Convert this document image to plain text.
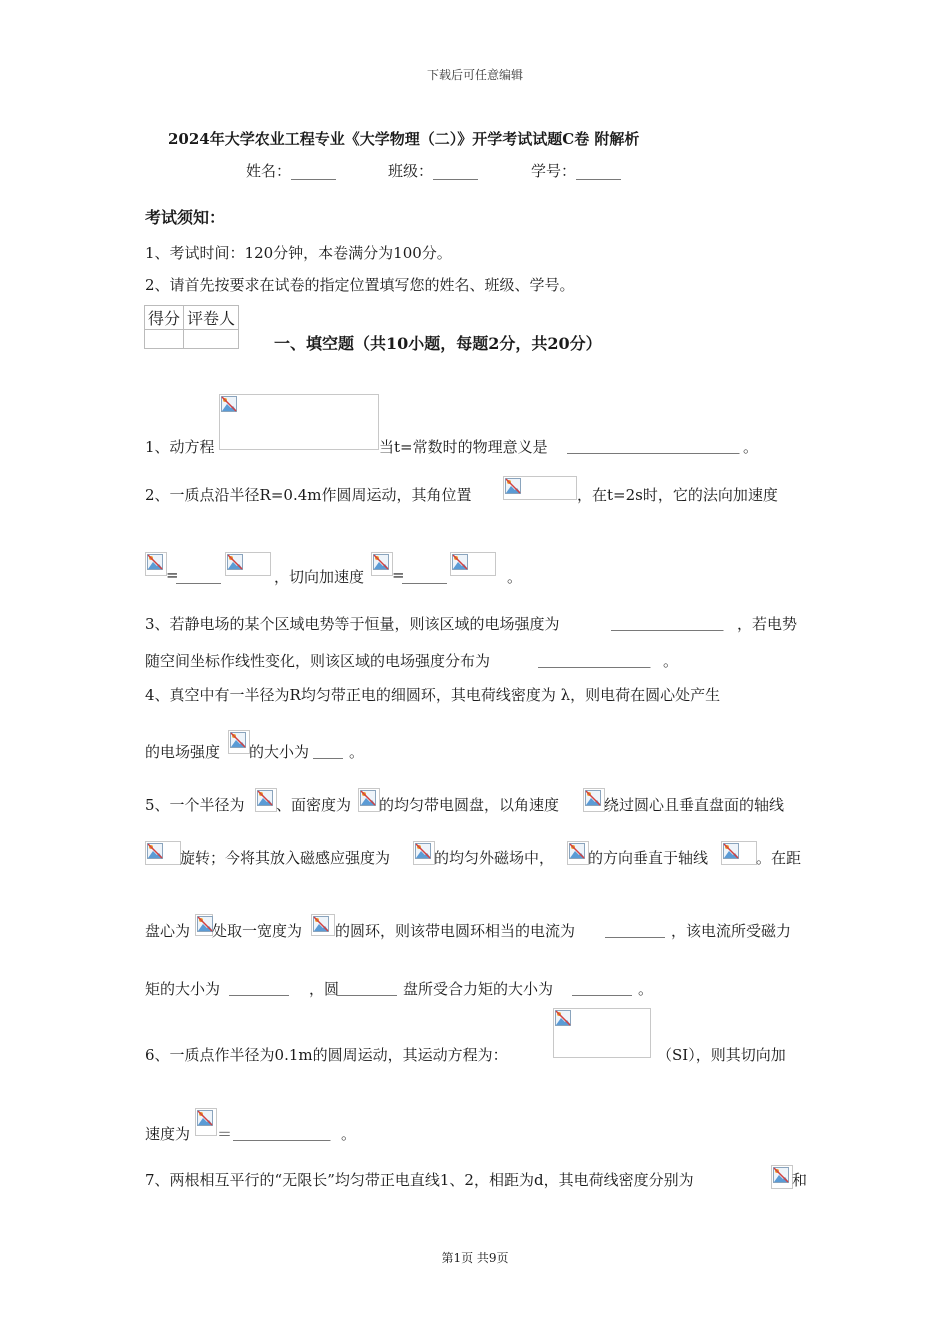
下载后可任意编辑
2024年大学农业工程专业《大学物理（二）》开学考试试题C卷 附解析
姓名：______	班级：______	学号：______
考试须知：
1、考试时间：120分钟，本卷满分为100分。
2、请首先按要求在试卷的指定位置填写您的姓名、班级、学号。
得分	评卷人

一、填空题（共10小题，每题2分，共20分）
1、动方程	当t=常数时的物理意义是 _______________________ 。
2、一质点沿半径R=0.4m作圆周运动，其角位置	，在t=2s时，它的法向加速度
=
______	，切向加速度 =
______	。
3、若静电场的某个区域电势等于恒量，则该区域的电场强度为	_______________ ，若电势
随空间坐标作线性变化，则该区域的电场强度分布为	_______________ 。
4、真空中有一半径为R均匀带正电的细圆环，其电荷线密度为 λ，则电荷在圆心处产生
的电场强度 的大小为 ____ 。
5、一个半径为 、面密度为 的均匀带电圆盘，以角速度	绕过圆心且垂直盘面的轴线
旋转；今将其放入磁感应强度为	的均匀外磁场中， 的方向垂直于轴线	。在距
盘心为 处取一宽度为 的圆环，则该带电圆环相当的电流为 ________ ，该电流所受磁力
矩的大小为 ________ ，圆
________ 盘所受合力矩的大小为 ________ 。
6、一质点作半径为0.1m的圆周运动，其运动方程为：	（SI），则其切向加
速度为 ＝ _____________ 。
7、两根相互平行的“无限长”均匀带正电直线1、2，相距为d，其电荷线密度分别为	和
第1页 共9页
